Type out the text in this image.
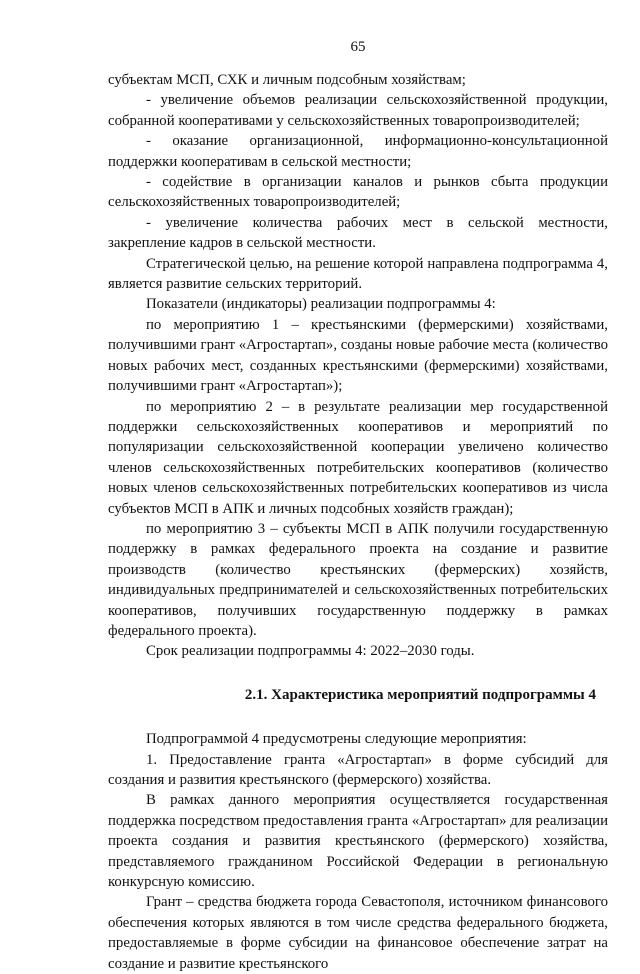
65

субъектам МСП, СХК и личным подсобным хозяйствам;

- увеличение объемов реализации сельскохозяйственной продукции, собранной кооперативами у сельскохозяйственных товаропроизводителей;

- оказание организационной, информационно-консультационной поддержки кооперативам в сельской местности;

- содействие в организации каналов и рынков сбыта продукции сельскохозяйственных товаропроизводителей;

- увеличение количества рабочих мест в сельской местности, закрепление кадров в сельской местности.

Стратегической целью, на решение которой направлена подпрограмма 4, является развитие сельских территорий.

Показатели (индикаторы) реализации подпрограммы 4:

по мероприятию 1 – крестьянскими (фермерскими) хозяйствами, получившими грант «Агростартап», созданы новые рабочие места (количество новых рабочих мест, созданных крестьянскими (фермерскими) хозяйствами, получившими грант «Агростартап»);

по мероприятию 2 – в результате реализации мер государственной поддержки сельскохозяйственных кооперативов и мероприятий по популяризации сельскохозяйственной кооперации увеличено количество членов сельскохозяйственных потребительских кооперативов (количество новых членов сельскохозяйственных потребительских кооперативов из числа субъектов МСП в АПК и личных подсобных хозяйств граждан);

по мероприятию 3 – субъекты МСП в АПК получили государственную поддержку в рамках федерального проекта на создание и развитие производств (количество крестьянских (фермерских) хозяйств, индивидуальных предпринимателей и сельскохозяйственных потребительских кооперативов, получивших государственную поддержку в рамках федерального проекта).

Срок реализации подпрограммы 4: 2022–2030 годы.

2.1. Характеристика мероприятий подпрограммы 4

Подпрограммой 4 предусмотрены следующие мероприятия:

1. Предоставление гранта «Агростартап» в форме субсидий для создания и развития крестьянского (фермерского) хозяйства.

В рамках данного мероприятия осуществляется государственная поддержка посредством предоставления гранта «Агростартап» для реализации проекта создания и развития крестьянского (фермерского) хозяйства, представляемого гражданином Российской Федерации в региональную конкурсную комиссию.

Грант – средства бюджета города Севастополя, источником финансового обеспечения которых являются в том числе средства федерального бюджета, предоставляемые в форме субсидии на финансовое обеспечение затрат на создание и развитие крестьянского
